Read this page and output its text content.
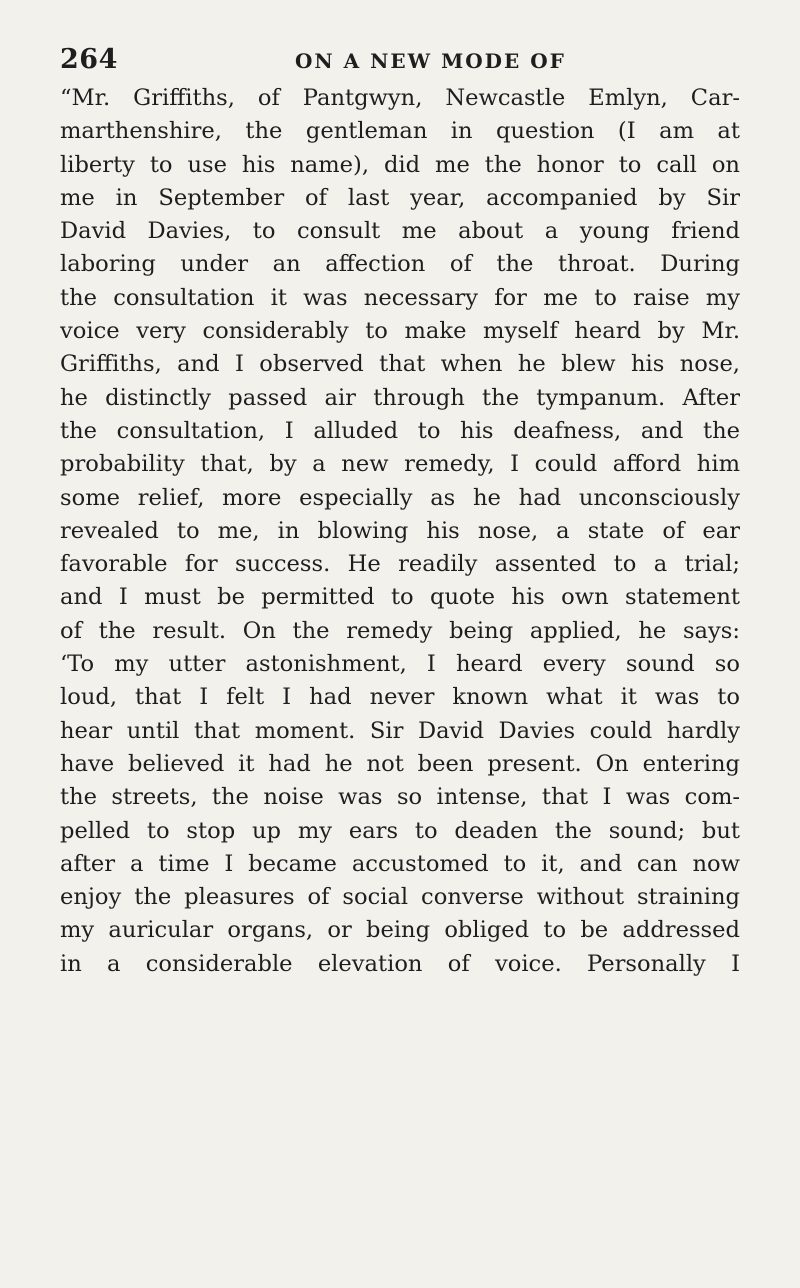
264	ON A NEW MODE OF
“Mr. Griffiths, of Pantgwyn, Newcastle Emlyn, Car-
marthenshire, the gentleman in question (I am at
liberty to use his name), did me the honor to call on
me in September of last year, accompanied by Sir
David Davies, to consult me about a young friend
laboring under an affection of the throat. During
the consultation it was necessary for me to raise my
voice very considerably to make myself heard by Mr.
Griffiths, and I observed that when he blew his nose,
he distinctly passed air through the tympanum. After
the consultation, I alluded to his deafness, and the
probability that, by a new remedy, I could afford him
some relief, more especially as he had unconsciously
revealed to me, in blowing his nose, a state of ear
favorable for success. He readily assented to a trial;
and I must be permitted to quote his own statement
of the result. On the remedy being applied, he says:
‘To my utter astonishment, I heard every sound so
loud, that I felt I had never known what it was to
hear until that moment. Sir David Davies could hardly
have believed it had he not been present. On entering
the streets, the noise was so intense, that I was com-
pelled to stop up my ears to deaden the sound; but
after a time I became accustomed to it, and can now
enjoy the pleasures of social converse without straining
my auricular organs, or being obliged to be addressed
in a considerable elevation of voice. Personally I
